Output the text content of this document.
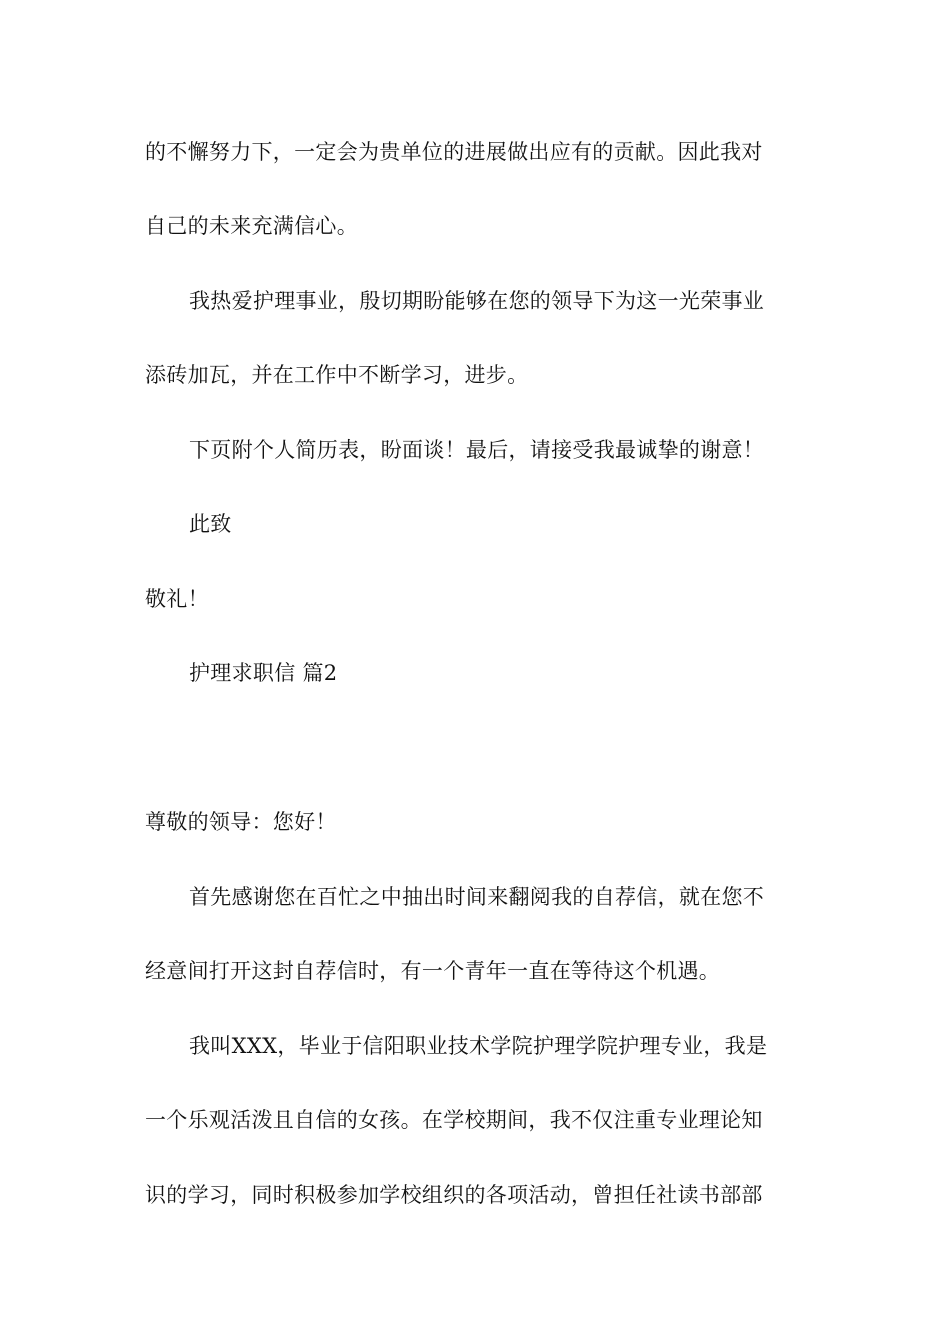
的不懈努力下，一定会为贵单位的进展做出应有的贡献。因此我对
自己的未来充满信心。
我热爱护理事业，殷切期盼能够在您的领导下为这一光荣事业
添砖加瓦，并在工作中不断学习，进步。
下页附个人简历表，盼面谈！最后，请接受我最诚挚的谢意！
此致
敬礼！
护理求职信 篇2
尊敬的领导：您好！
首先感谢您在百忙之中抽出时间来翻阅我的自荐信，就在您不
经意间打开这封自荐信时，有一个青年一直在等待这个机遇。
我叫XXX，毕业于信阳职业技术学院护理学院护理专业，我是
一个乐观活泼且自信的女孩。在学校期间，我不仅注重专业理论知
识的学习，同时积极参加学校组织的各项活动，曾担任社读书部部
